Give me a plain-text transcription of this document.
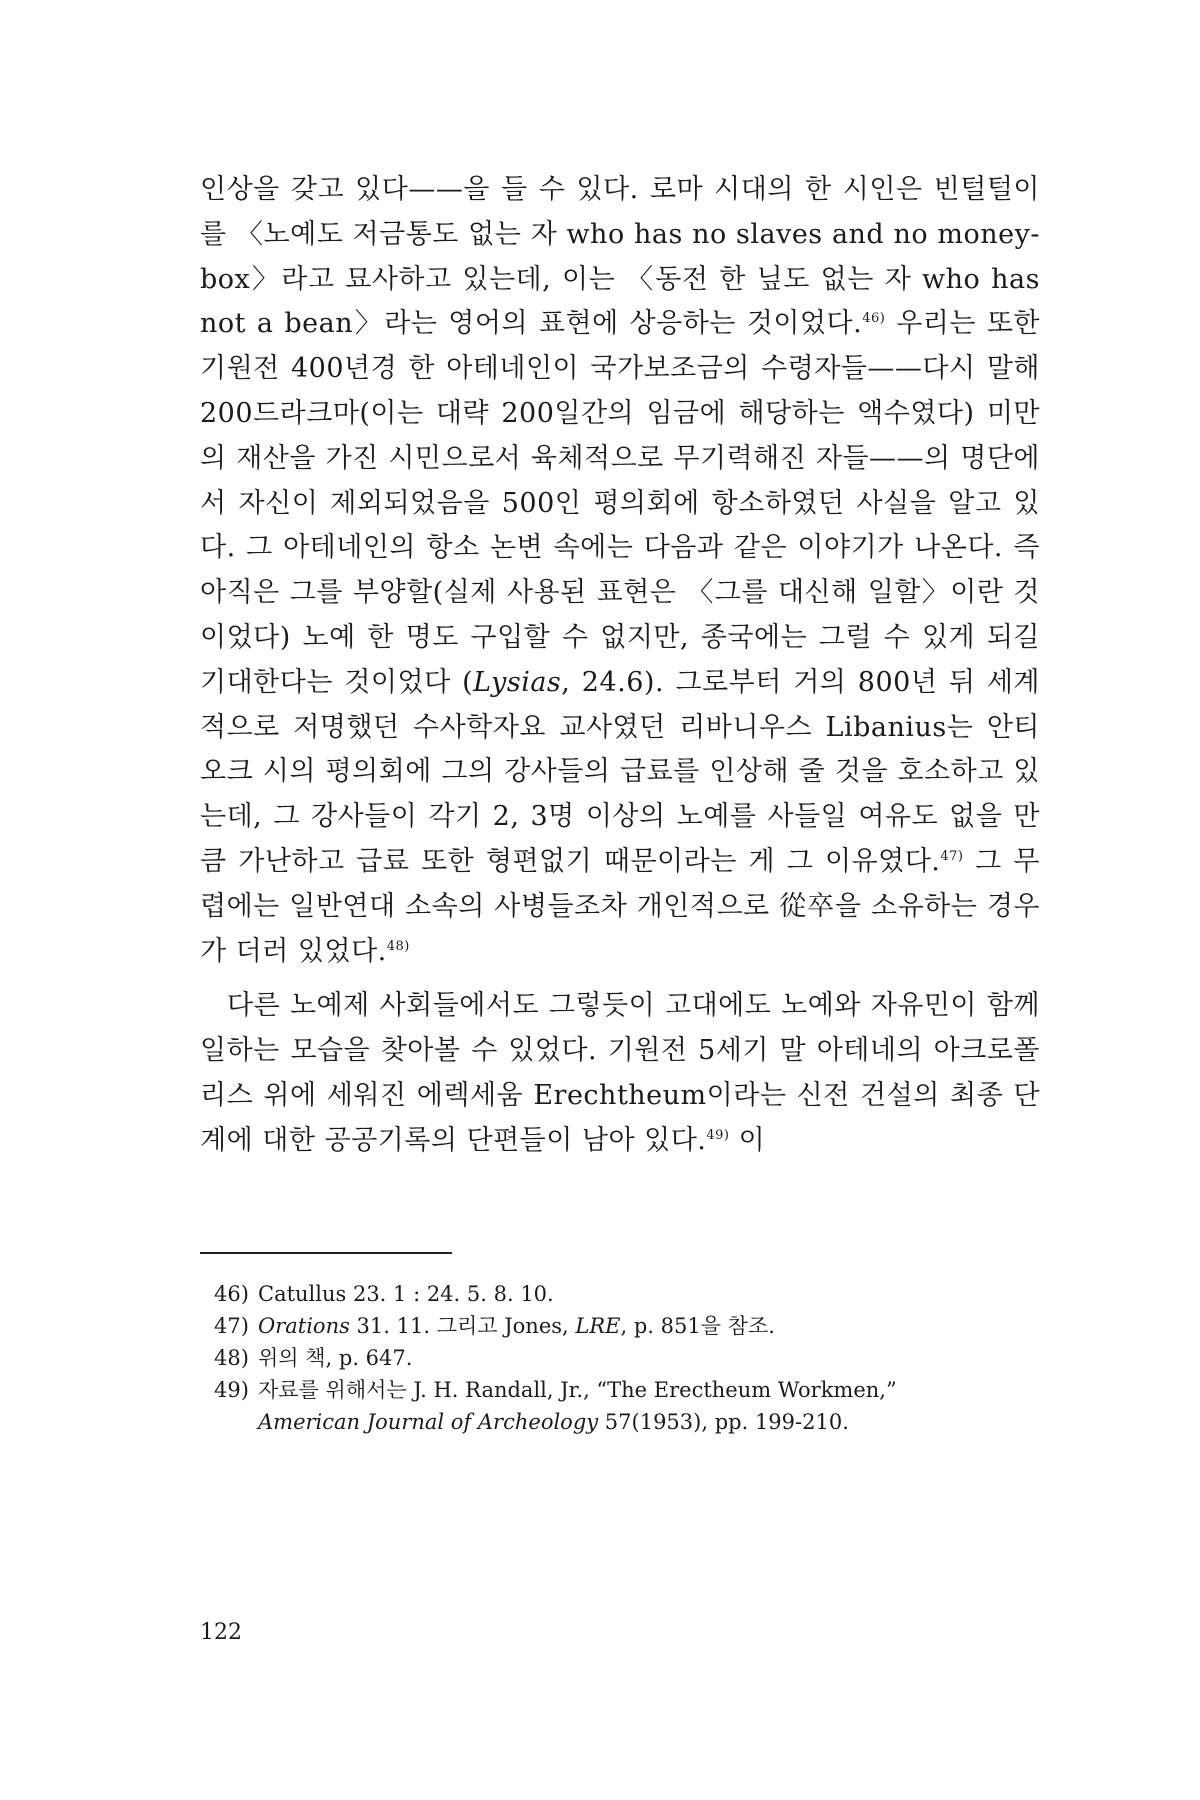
인상을 갖고 있다——을 들 수 있다. 로마 시대의 한 시인은 빈털털이를 〈노예도 저금통도 없는 자 who has no slaves and no money-box〉라고 묘사하고 있는데, 이는 〈동전 한 닢도 없는 자 who has not a bean〉라는 영어의 표현에 상응하는 것이었다.$^{46)}$ 우리는 또한 기원전 400년경 한 아테네인이 국가보조금의 수령자들——다시 말해 200드라크마(이는 대략 200일간의 임금에 해당하는 액수였다) 미만의 재산을 가진 시민으로서 육체적으로 무기력해진 자들——의 명단에서 자신이 제외되었음을 500인 평의회에 항소하였던 사실을 알고 있다. 그 아테네인의 항소 논변 속에는 다음과 같은 이야기가 나온다. 즉 아직은 그를 부양할(실제 사용된 표현은 〈그를 대신해 일할〉이란 것이었다) 노예 한 명도 구입할 수 없지만, 종국에는 그럴 수 있게 되길 기대한다는 것이었다 (Lysias, 24.6). 그로부터 거의 800년 뒤 세계적으로 저명했던 수사학자요 교사였던 리바니우스 Libanius는 안티오크 시의 평의회에 그의 강사들의 급료를 인상해 줄 것을 호소하고 있는데, 그 강사들이 각기 2, 3명 이상의 노예를 사들일 여유도 없을 만큼 가난하고 급료 또한 형편없기 때문이라는 게 그 이유였다.$^{47)}$ 그 무렵에는 일반연대 소속의 사병들조차 개인적으로 從卒을 소유하는 경우가 더러 있었다.$^{48)}$

다른 노예제 사회들에서도 그렇듯이 고대에도 노예와 자유민이 함께 일하는 모습을 찾아볼 수 있었다. 기원전 5세기 말 아테네의 아크로폴리스 위에 세워진 에렉세움 Erechtheum이라는 신전 건설의 최종 단계에 대한 공공기록의 단편들이 남아 있다.$^{49)}$ 이

46) Catullus 23. 1 : 24. 5. 8. 10.
47) Orations 31. 11. 그리고 Jones, LRE, p. 851을 참조.
48) 위의 책, p. 647.
49) 자료를 위해서는 J. H. Randall, Jr., “The Erectheum Workmen,”
American Journal of Archeology 57(1953), pp. 199-210.
122
